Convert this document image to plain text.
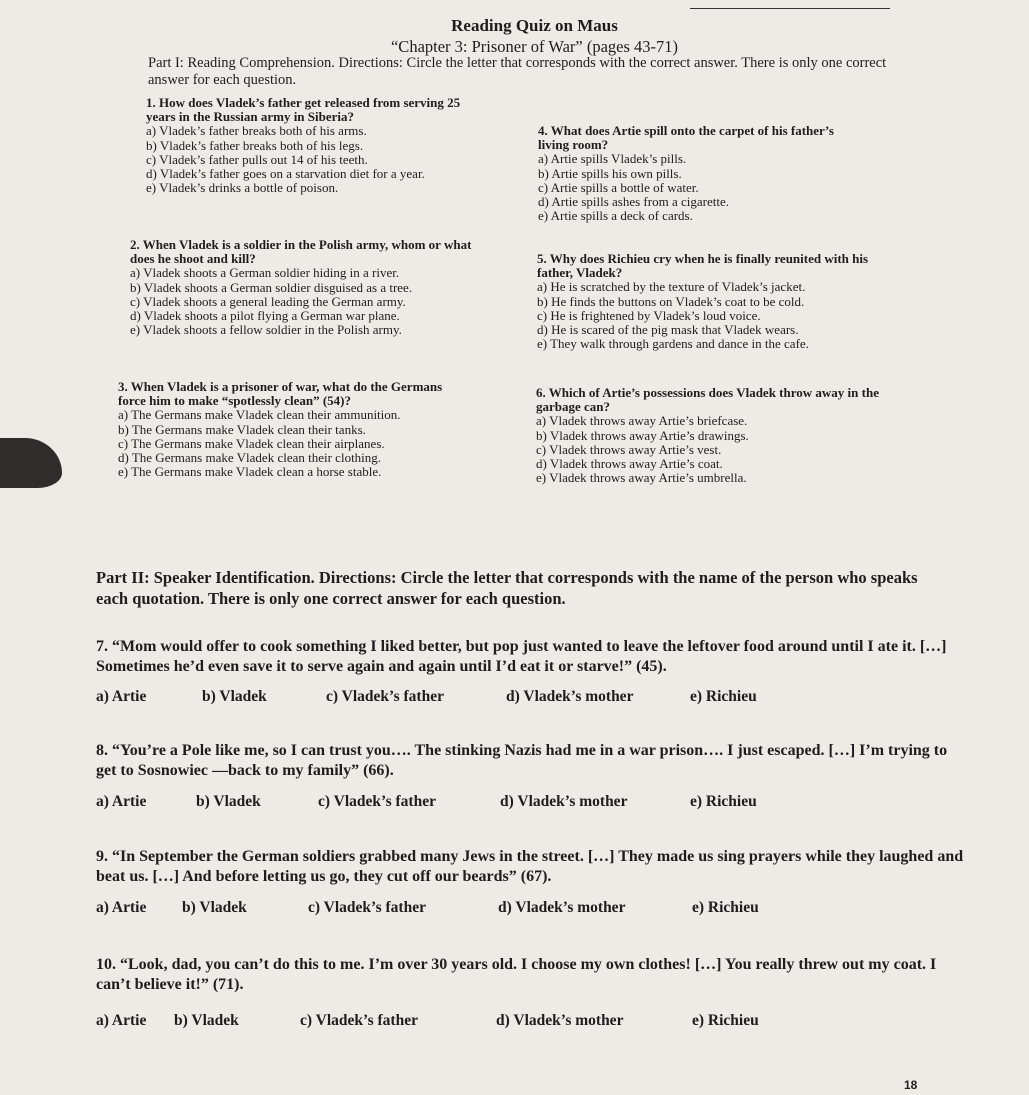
Reading Quiz on Maus
“Chapter 3: Prisoner of War” (pages 43-71)
Part I: Reading Comprehension. Directions: Circle the letter that corresponds with the correct answer. There is only one correct answer for each question.
1. How does Vladek’s father get released from serving 25 years in the Russian army in Siberia?
a) Vladek’s father breaks both of his arms.
b) Vladek’s father breaks both of his legs.
c) Vladek’s father pulls out 14 of his teeth.
d) Vladek’s father goes on a starvation diet for a year.
e) Vladek’s drinks a bottle of poison.
2. When Vladek is a soldier in the Polish army, whom or what does he shoot and kill?
a) Vladek shoots a German soldier hiding in a river.
b) Vladek shoots a German soldier disguised as a tree.
c) Vladek shoots a general leading the German army.
d) Vladek shoots a pilot flying a German war plane.
e) Vladek shoots a fellow soldier in the Polish army.
3. When Vladek is a prisoner of war, what do the Germans force him to make “spotlessly clean” (54)?
a) The Germans make Vladek clean their ammunition.
b) The Germans make Vladek clean their tanks.
c) The Germans make Vladek clean their airplanes.
d) The Germans make Vladek clean their clothing.
e) The Germans make Vladek clean a horse stable.
4. What does Artie spill onto the carpet of his father’s living room?
a) Artie spills Vladek’s pills.
b) Artie spills his own pills.
c) Artie spills a bottle of water.
d) Artie spills ashes from a cigarette.
e) Artie spills a deck of cards.
5. Why does Richieu cry when he is finally reunited with his father, Vladek?
a) He is scratched by the texture of Vladek’s jacket.
b) He finds the buttons on Vladek’s coat to be cold.
c) He is frightened by Vladek’s loud voice.
d) He is scared of the pig mask that Vladek wears.
e) They walk through gardens and dance in the cafe.
6. Which of Artie’s possessions does Vladek throw away in the garbage can?
a) Vladek throws away Artie’s briefcase.
b) Vladek throws away Artie’s drawings.
c) Vladek throws away Artie’s vest.
d) Vladek throws away Artie’s coat.
e) Vladek throws away Artie’s umbrella.
Part II: Speaker Identification. Directions: Circle the letter that corresponds with the name of the person who speaks each quotation. There is only one correct answer for each question.
7. “Mom would offer to cook something I liked better, but pop just wanted to leave the leftover food around until I ate it. […] Sometimes he’d even save it to serve again and again until I’d eat it or starve!” (45).
a) Artie	b) Vladek	c) Vladek’s father	d) Vladek’s mother	e) Richieu
8. “You’re a Pole like me, so I can trust you…. The stinking Nazis had me in a war prison…. I just escaped. […] I’m trying to get to Sosnowiec —back to my family” (66).
a) Artie	b) Vladek	c) Vladek’s father	d) Vladek’s mother	e) Richieu
9. “In September the German soldiers grabbed many Jews in the street. […] They made us sing prayers while they laughed and beat us. […] And before letting us go, they cut off our beards” (67).
a) Artie b) Vladek	c) Vladek’s father	d) Vladek’s mother	e) Richieu
10. “Look, dad, you can’t do this to me. I’m over 30 years old. I choose my own clothes! […] You really threw out my coat. I can’t believe it!” (71).
a) Artie b) Vladek	c) Vladek’s father	d) Vladek’s mother	e) Richieu
18
